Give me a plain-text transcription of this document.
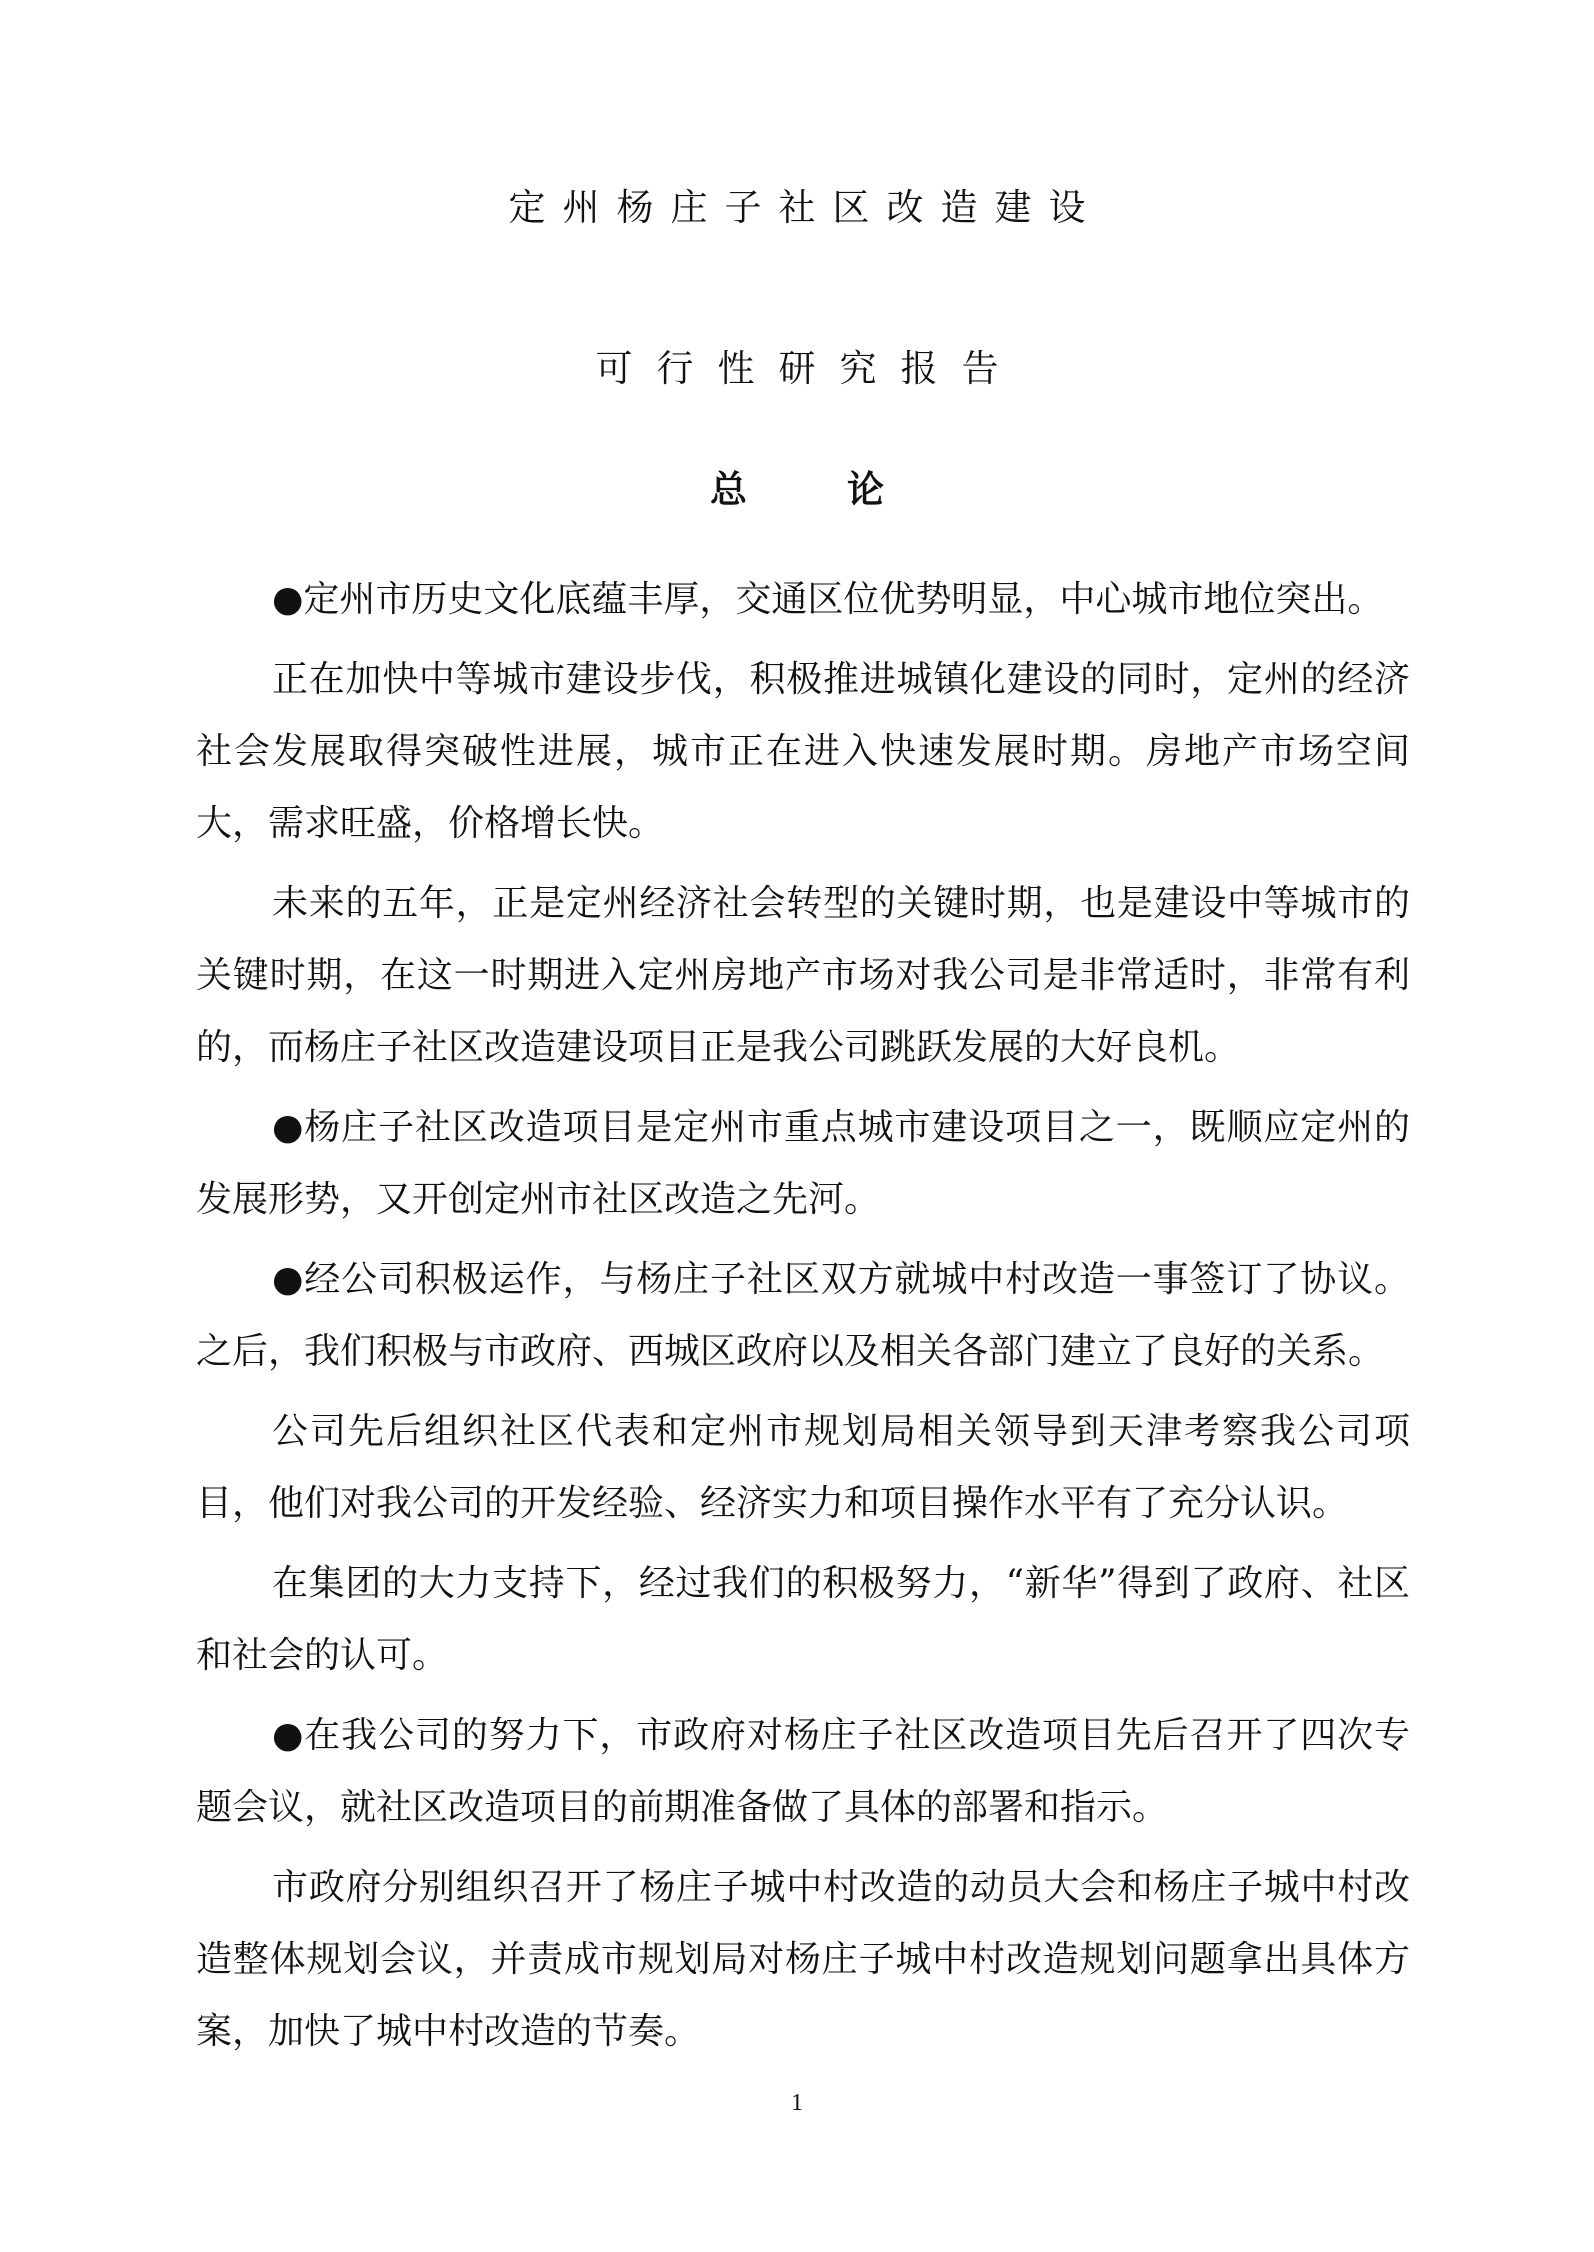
定州杨庄子社区改造建设
可行性研究报告
总论

●定州市历史文化底蕴丰厚，交通区位优势明显，中心城市地位突出。

正在加快中等城市建设步伐，积极推进城镇化建设的同时，定州的经济社会发展取得突破性进展，城市正在进入快速发展时期。房地产市场空间大，需求旺盛，价格增长快。

未来的五年，正是定州经济社会转型的关键时期，也是建设中等城市的关键时期，在这一时期进入定州房地产市场对我公司是非常适时，非常有利的，而杨庄子社区改造建设项目正是我公司跳跃发展的大好良机。

●杨庄子社区改造项目是定州市重点城市建设项目之一，既顺应定州的发展形势，又开创定州市社区改造之先河。

●经公司积极运作，与杨庄子社区双方就城中村改造一事签订了协议。之后，我们积极与市政府、西城区政府以及相关各部门建立了良好的关系。

公司先后组织社区代表和定州市规划局相关领导到天津考察我公司项目，他们对我公司的开发经验、经济实力和项目操作水平有了充分认识。

在集团的大力支持下，经过我们的积极努力，“新华”得到了政府、社区和社会的认可。

●在我公司的努力下，市政府对杨庄子社区改造项目先后召开了四次专题会议，就社区改造项目的前期准备做了具体的部署和指示。

市政府分别组织召开了杨庄子城中村改造的动员大会和杨庄子城中村改造整体规划会议，并责成市规划局对杨庄子城中村改造规划问题拿出具体方案，加快了城中村改造的节奏。

1
